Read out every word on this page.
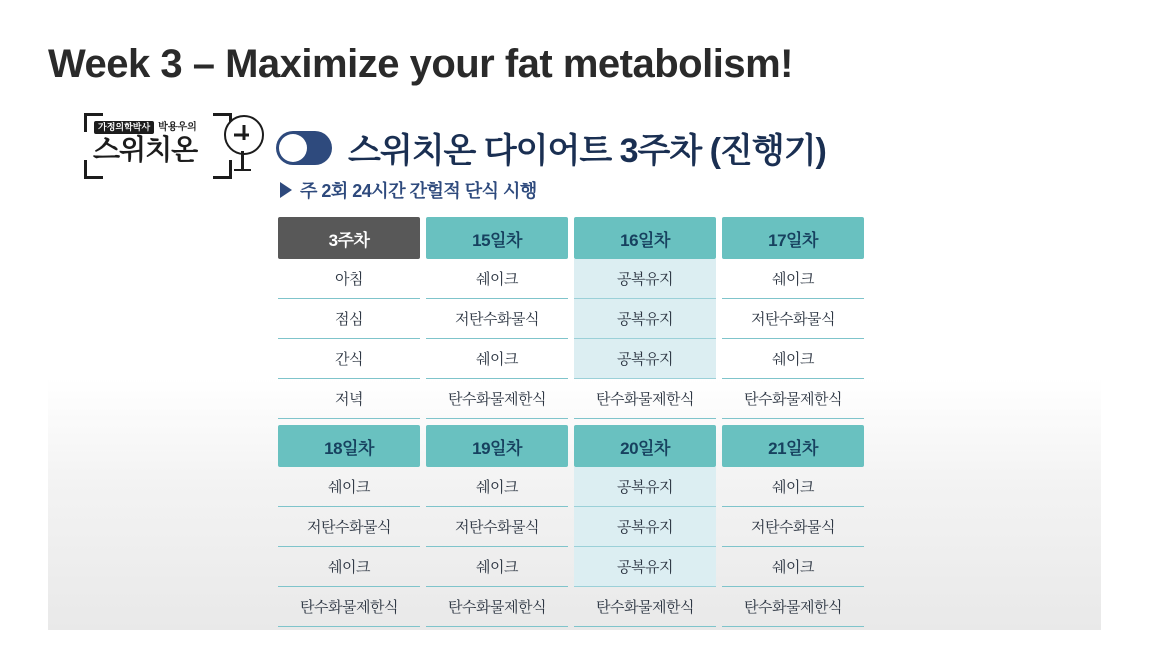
Week 3 – Maximize your fat metabolism!
가정의학박사 박용우의
스위치온	스위치온 다이어트 3주차 (진행기)
주 2회 24시간 간헐적 단식 시행
3주차
아침
점심
간식
저녁
15일차
쉐이크
저탄수화물식
쉐이크
탄수화물제한식
16일차
공복유지
공복유지
공복유지
탄수화물제한식
17일차
쉐이크
저탄수화물식
쉐이크
탄수화물제한식
18일차
쉐이크
저탄수화물식
쉐이크
탄수화물제한식
19일차
쉐이크
저탄수화물식
쉐이크
탄수화물제한식
20일차
공복유지
공복유지
공복유지
탄수화물제한식
21일차
쉐이크
저탄수화물식
쉐이크
탄수화물제한식
